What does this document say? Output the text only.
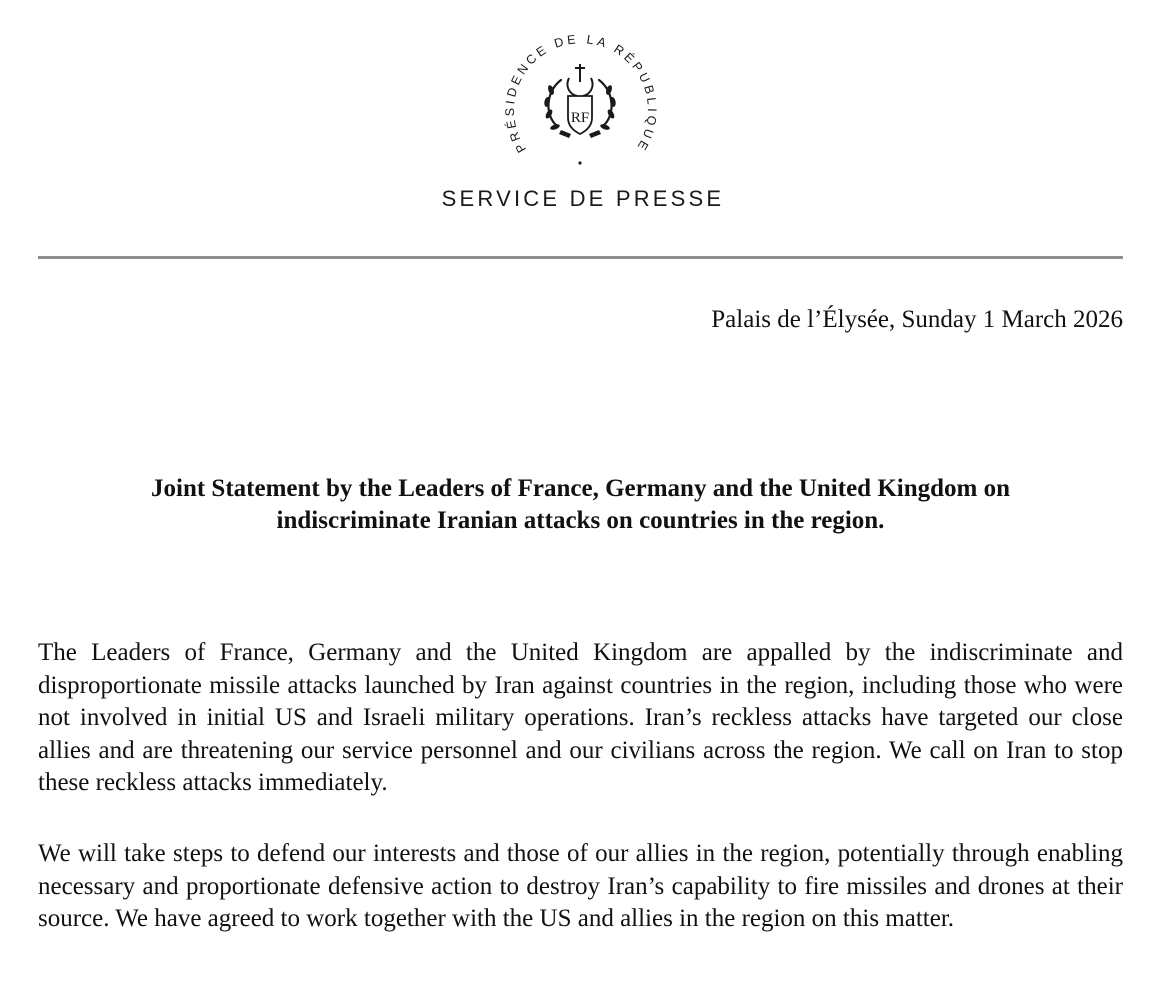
PRÉSIDENCE DE LA RÉPUBLIQUE
RF
SERVICE DE PRESSE
Palais de l’Élysée, Sunday 1 March 2026
Joint Statement by the Leaders of France, Germany and the United Kingdom on
indiscriminate Iranian attacks on countries in the region.

The Leaders of France, Germany and the United Kingdom are appalled by the indiscriminate and disproportionate missile attacks launched by Iran against countries in the region, including those who were not involved in initial US and Israeli military operations. Iran’s reckless attacks have targeted our close allies and are threatening our service personnel and our civilians across the region. We call on Iran to stop these reckless attacks immediately.

We will take steps to defend our interests and those of our allies in the region, potentially through enabling necessary and proportionate defensive action to destroy Iran’s capability to fire missiles and drones at their source. We have agreed to work together with the US and allies in the region on this matter.
